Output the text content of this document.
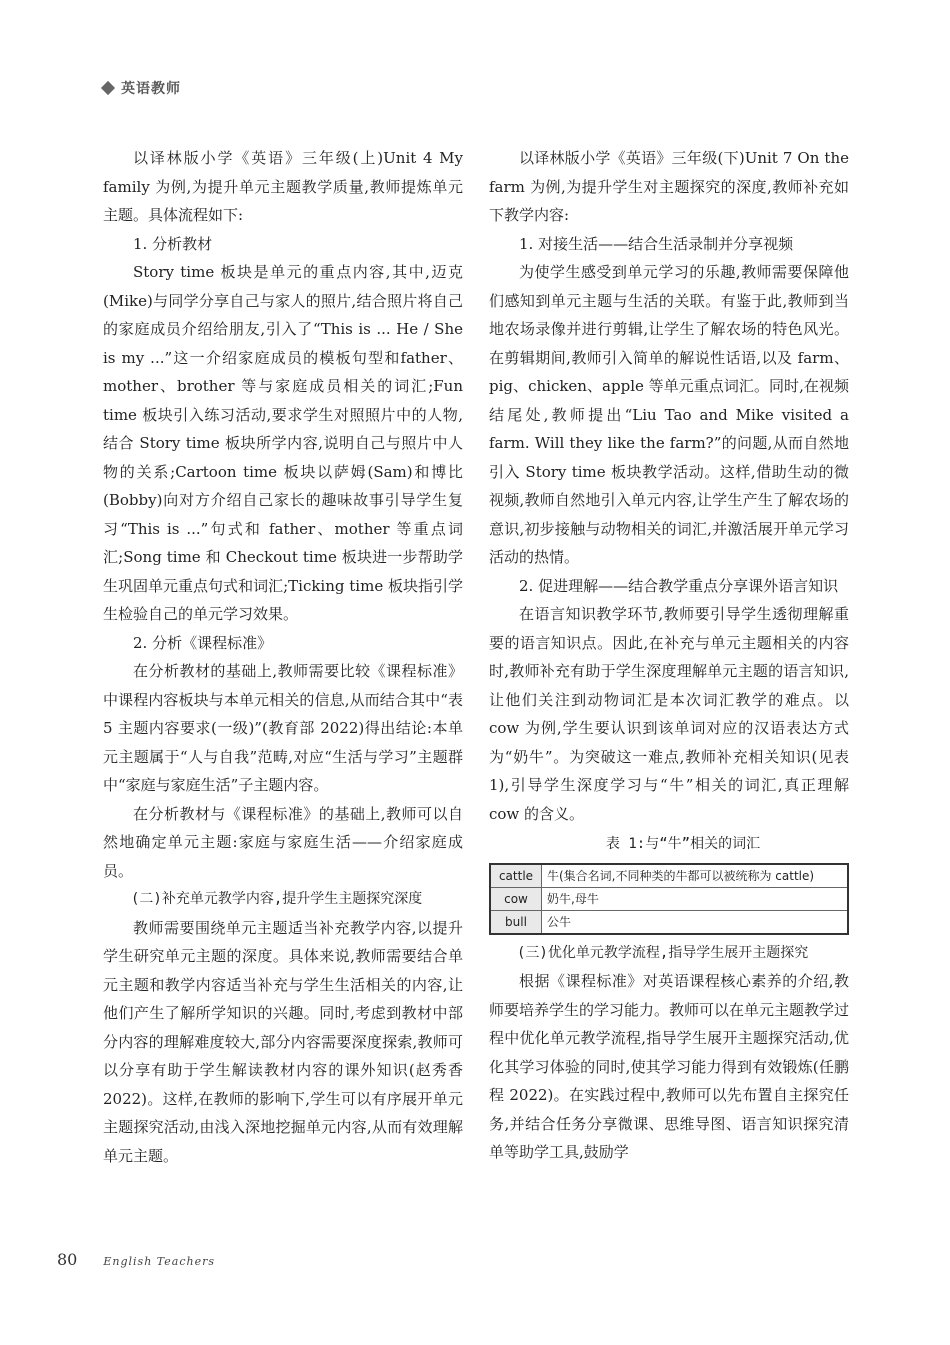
英语教师

以译林版小学《英语》三年级(上)Unit 4 My family 为例,为提升单元主题教学质量,教师提炼单元主题。具体流程如下:

1. 分析教材

Story time 板块是单元的重点内容,其中,迈克(Mike)与同学分享自己与家人的照片,结合照片将自己的家庭成员介绍给朋友,引入了“This is ... He / She is my ...”这一介绍家庭成员的模板句型和father、mother、brother 等与家庭成员相关的词汇;Fun time 板块引入练习活动,要求学生对照照片中的人物,结合 Story time 板块所学内容,说明自己与照片中人物的关系;Cartoon time 板块以萨姆(Sam)和博比(Bobby)向对方介绍自己家长的趣味故事引导学生复习“This is ...”句式和 father、mother 等重点词汇;Song time 和 Checkout time 板块进一步帮助学生巩固单元重点句式和词汇;Ticking time 板块指引学生检验自己的单元学习效果。

2. 分析《课程标准》

在分析教材的基础上,教师需要比较《课程标准》中课程内容板块与本单元相关的信息,从而结合其中“表 5 主题内容要求(一级)”(教育部 2022)得出结论:本单元主题属于“人与自我”范畴,对应“生活与学习”主题群中“家庭与家庭生活”子主题内容。

在分析教材与《课程标准》的基础上,教师可以自然地确定单元主题:家庭与家庭生活——介绍家庭成员。

(二)补充单元教学内容,提升学生主题探究深度

教师需要围绕单元主题适当补充教学内容,以提升学生研究单元主题的深度。具体来说,教师需要结合单元主题和教学内容适当补充与学生生活相关的内容,让他们产生了解所学知识的兴趣。同时,考虑到教材中部分内容的理解难度较大,部分内容需要深度探索,教师可以分享有助于学生解读教材内容的课外知识(赵秀香 2022)。这样,在教师的影响下,学生可以有序展开单元主题探究活动,由浅入深地挖掘单元内容,从而有效理解单元主题。

以译林版小学《英语》三年级(下)Unit 7 On the farm 为例,为提升学生对主题探究的深度,教师补充如下教学内容:

1. 对接生活——结合生活录制并分享视频

为使学生感受到单元学习的乐趣,教师需要保障他们感知到单元主题与生活的关联。有鉴于此,教师到当地农场录像并进行剪辑,让学生了解农场的特色风光。在剪辑期间,教师引入简单的解说性话语,以及 farm、pig、chicken、apple 等单元重点词汇。同时,在视频结尾处,教师提出“Liu Tao and Mike visited a farm. Will they like the farm?”的问题,从而自然地引入 Story time 板块教学活动。这样,借助生动的微视频,教师自然地引入单元内容,让学生产生了解农场的意识,初步接触与动物相关的词汇,并激活展开单元学习活动的热情。

2. 促进理解——结合教学重点分享课外语言知识

在语言知识教学环节,教师要引导学生透彻理解重要的语言知识点。因此,在补充与单元主题相关的内容时,教师补充有助于学生深度理解单元主题的语言知识,让他们关注到动物词汇是本次词汇教学的难点。以 cow 为例,学生要认识到该单词对应的汉语表达方式为“奶牛”。为突破这一难点,教师补充相关知识(见表 1),引导学生深度学习与“牛”相关的词汇,真正理解 cow 的含义。

表 1:与“牛”相关的词汇

cattle	牛(集合名词,不同种类的牛都可以被统称为 cattle)
cow	奶牛,母牛
bull	公牛

(三)优化单元教学流程,指导学生展开主题探究

根据《课程标准》对英语课程核心素养的介绍,教师要培养学生的学习能力。教师可以在单元主题教学过程中优化单元教学流程,指导学生展开主题探究活动,优化其学习体验的同时,使其学习能力得到有效锻炼(任鹏程 2022)。在实践过程中,教师可以先布置自主探究任务,并结合任务分享微课、思维导图、语言知识探究清单等助学工具,鼓励学

80 English Teachers
